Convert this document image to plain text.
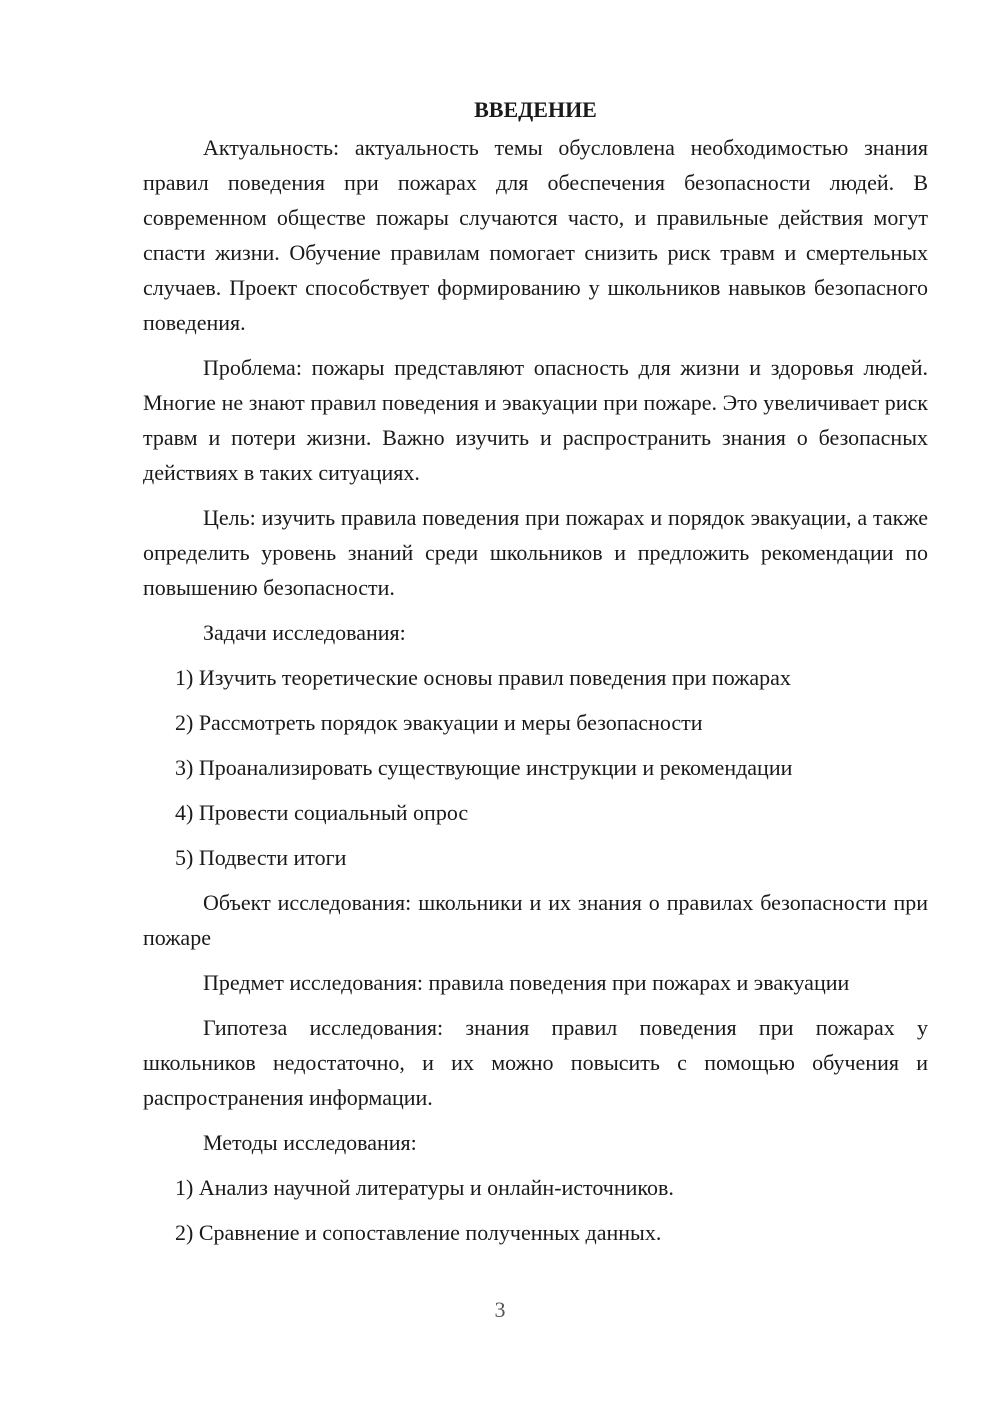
ВВЕДЕНИЕ

Актуальность: актуальность темы обусловлена необходимостью знания правил поведения при пожарах для обеспечения безопасности людей. В современном обществе пожары случаются часто, и правильные действия могут спасти жизни. Обучение правилам помогает снизить риск травм и смертельных случаев. Проект способствует формированию у школьников навыков безопасного поведения.

Проблема: пожары представляют опасность для жизни и здоровья людей. Многие не знают правил поведения и эвакуации при пожаре. Это увеличивает риск травм и потери жизни. Важно изучить и распространить знания о безопасных действиях в таких ситуациях.

Цель: изучить правила поведения при пожарах и порядок эвакуации, а также определить уровень знаний среди школьников и предложить рекомендации по повышению безопасности.

Задачи исследования:
1) Изучить теоретические основы правил поведения при пожарах
2) Рассмотреть порядок эвакуации и меры безопасности
3) Проанализировать существующие инструкции и рекомендации
4) Провести социальный опрос
5) Подвести итоги

Объект исследования: школьники и их знания о правилах безопасности при пожаре

Предмет исследования: правила поведения при пожарах и эвакуации

Гипотеза исследования: знания правил поведения при пожарах у школьников недостаточно, и их можно повысить с помощью обучения и распространения информации.

Методы исследования:
1) Анализ научной литературы и онлайн-источников.
2) Сравнение и сопоставление полученных данных.
3
